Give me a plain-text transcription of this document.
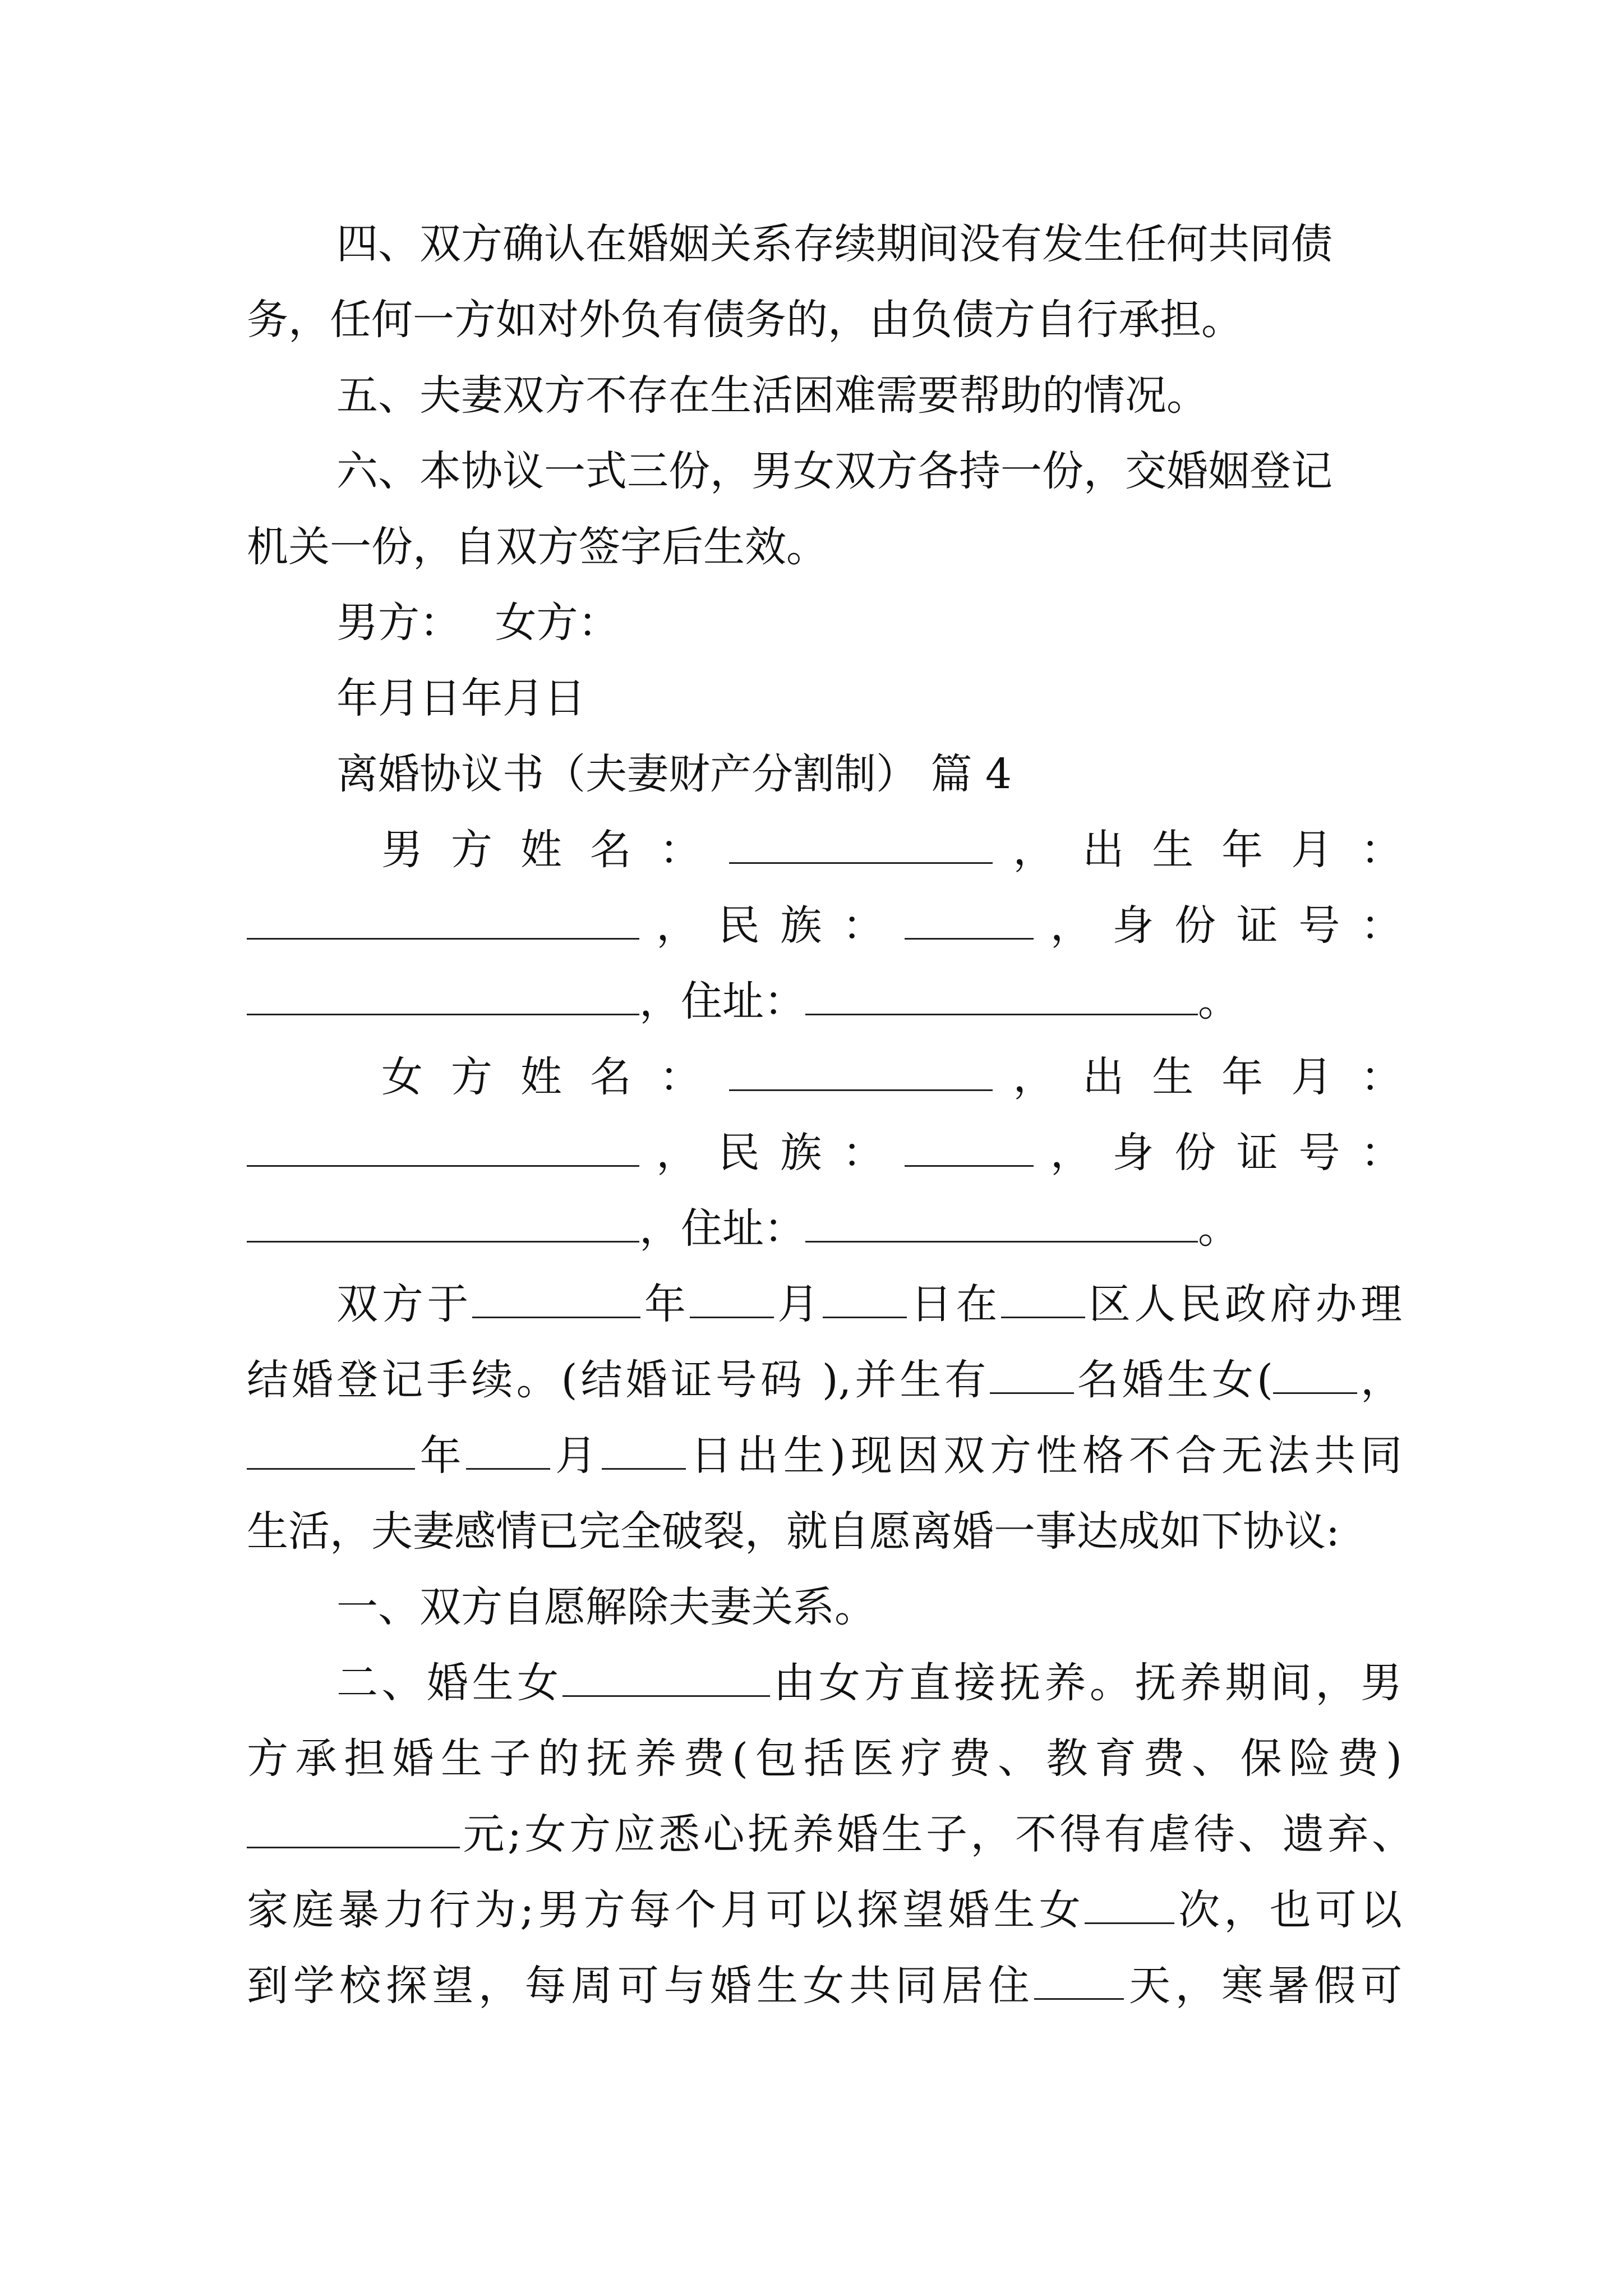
四、双方确认在婚姻关系存续期间没有发生任何共同债
务，任何一方如对外负有债务的，由负债方自行承担。
五、夫妻双方不存在生活困难需要帮助的情况。
六、本协议一式三份，男女双方各持一份，交婚姻登记
机关一份，自双方签字后生效。
男方：　 女方：
年月日年月日
离婚协议书（夫妻财产分割制） 篇 4
男 方 姓 名 ：	， 出 生 年 月 ：
， 民 族 ：	， 身 份 证 号 ：
，住址：	。
女 方 姓 名 ：	， 出 生 年 月 ：
， 民 族 ：	， 身 份 证 号 ：
，住址：	。
双方于	年 月 日在 区人民政府办理
结婚登记手续。(结婚证号码 ),并生有 名婚生女( ，
年 月 日出生)现因双方性格不合无法共同
生活，夫妻感情已完全破裂，就自愿离婚一事达成如下协议:
一、双方自愿解除夫妻关系。
二、婚生女	由女方直接抚养。抚养期间，男
方承担婚生子的抚养费(包括医疗费、教育费、保险费)
元;女方应悉心抚养婚生子，不得有虐待、遗弃、
家庭暴力行为;男方每个月可以探望婚生女 次，也可以
到学校探望，每周可与婚生女共同居住 天，寒暑假可
